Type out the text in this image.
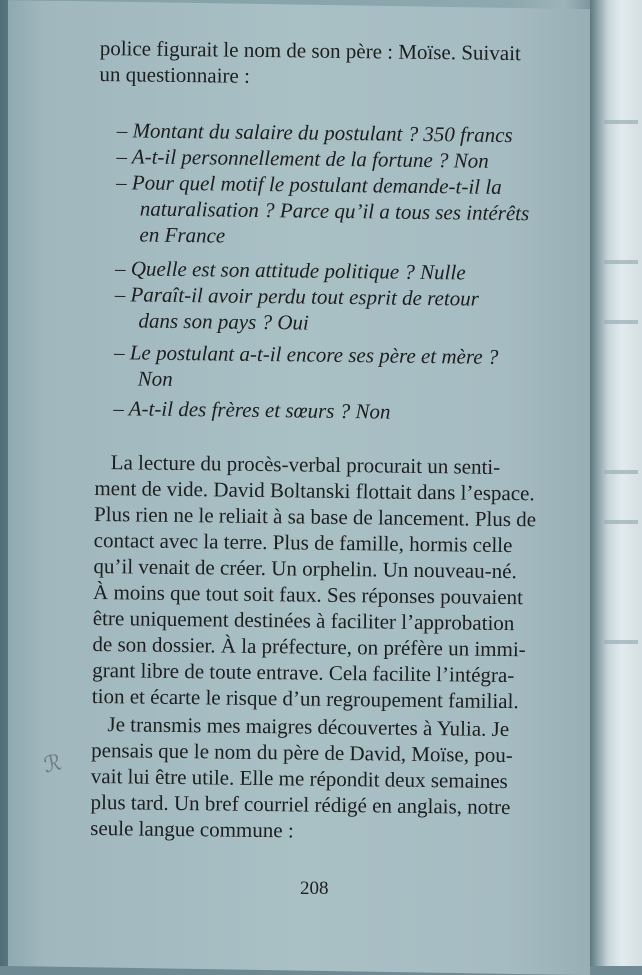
police figurait le nom de son père : Moïse. Suivait
un questionnaire :
– Montant du salaire du postulant ? 350 francs
– A-t-il personnellement de la fortune ? Non
– Pour quel motif le postulant demande-t-il la
naturalisation ? Parce qu’il a tous ses intérêts
en France
– Quelle est son attitude politique ? Nulle
– Paraît-il avoir perdu tout esprit de retour
dans son pays ? Oui
– Le postulant a-t-il encore ses père et mère ?
Non
– A-t-il des frères et sœurs ? Non
La lecture du procès-verbal procurait un senti-
ment de vide. David Boltanski flottait dans l’espace.
Plus rien ne le reliait à sa base de lancement. Plus de
contact avec la terre. Plus de famille, hormis celle
qu’il venait de créer. Un orphelin. Un nouveau-né.
À moins que tout soit faux. Ses réponses pouvaient
être uniquement destinées à faciliter l’approbation
de son dossier. À la préfecture, on préfère un immi-
grant libre de toute entrave. Cela facilite l’intégra-
tion et écarte le risque d’un regroupement familial.
Je transmis mes maigres découvertes à Yulia. Je
pensais que le nom du père de David, Moïse, pou-
vait lui être utile. Elle me répondit deux semaines
plus tard. Un bref courriel rédigé en anglais, notre
seule langue commune :
ℛ
208
